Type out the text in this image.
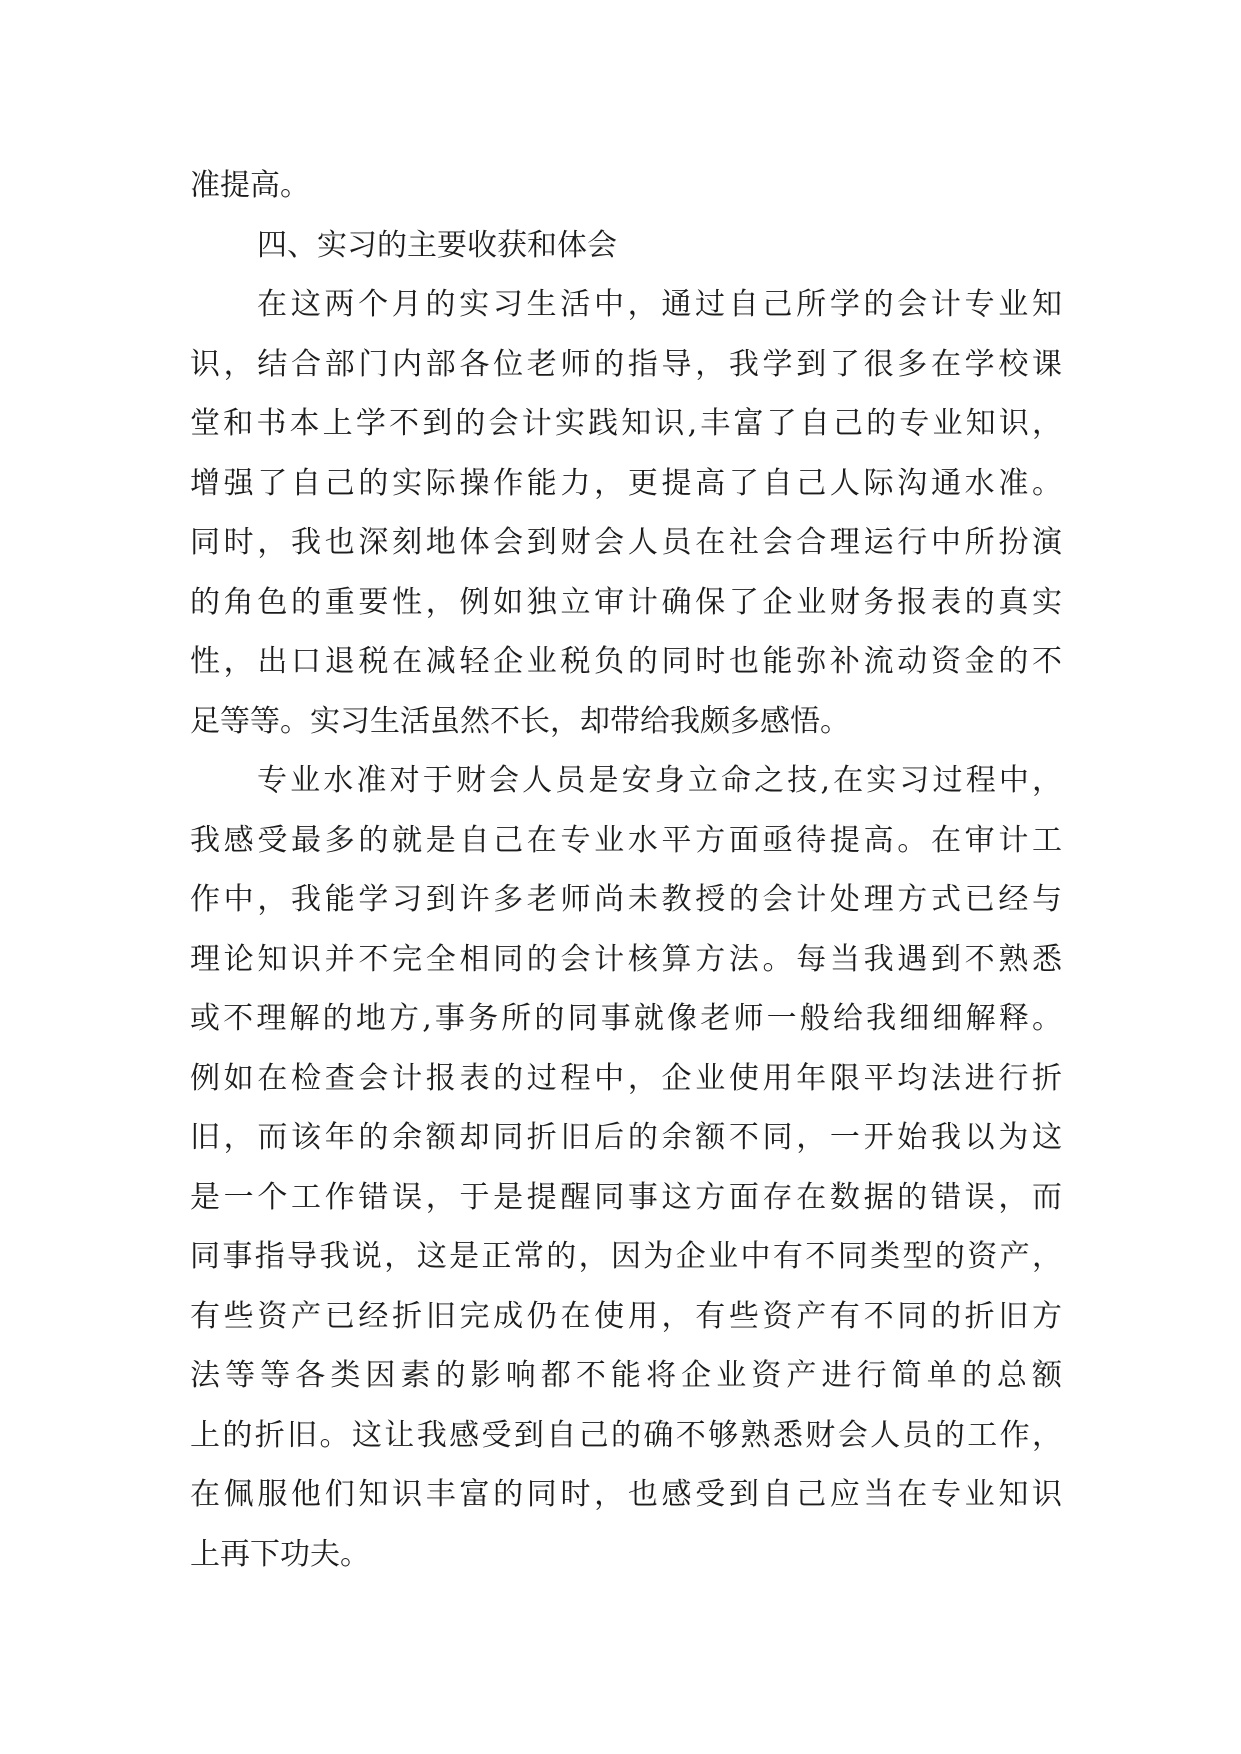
准提高。
四、实习的主要收获和体会
在这两个月的实习生活中，通过自己所学的会计专业知
识，结合部门内部各位老师的指导，我学到了很多在学校课
堂和书本上学不到的会计实践知识,丰富了自己的专业知识，
增强了自己的实际操作能力，更提高了自己人际沟通水准。
同时，我也深刻地体会到财会人员在社会合理运行中所扮演
的角色的重要性，例如独立审计确保了企业财务报表的真实
性，出口退税在减轻企业税负的同时也能弥补流动资金的不
足等等。实习生活虽然不长，却带给我颇多感悟。
专业水准对于财会人员是安身立命之技,在实习过程中，
我感受最多的就是自己在专业水平方面亟待提高。在审计工
作中，我能学习到许多老师尚未教授的会计处理方式已经与
理论知识并不完全相同的会计核算方法。每当我遇到不熟悉
或不理解的地方,事务所的同事就像老师一般给我细细解释。
例如在检查会计报表的过程中，企业使用年限平均法进行折
旧，而该年的余额却同折旧后的余额不同，一开始我以为这
是一个工作错误，于是提醒同事这方面存在数据的错误，而
同事指导我说，这是正常的，因为企业中有不同类型的资产，
有些资产已经折旧完成仍在使用，有些资产有不同的折旧方
法等等各类因素的影响都不能将企业资产进行简单的总额
上的折旧。这让我感受到自己的确不够熟悉财会人员的工作，
在佩服他们知识丰富的同时，也感受到自己应当在专业知识
上再下功夫。
